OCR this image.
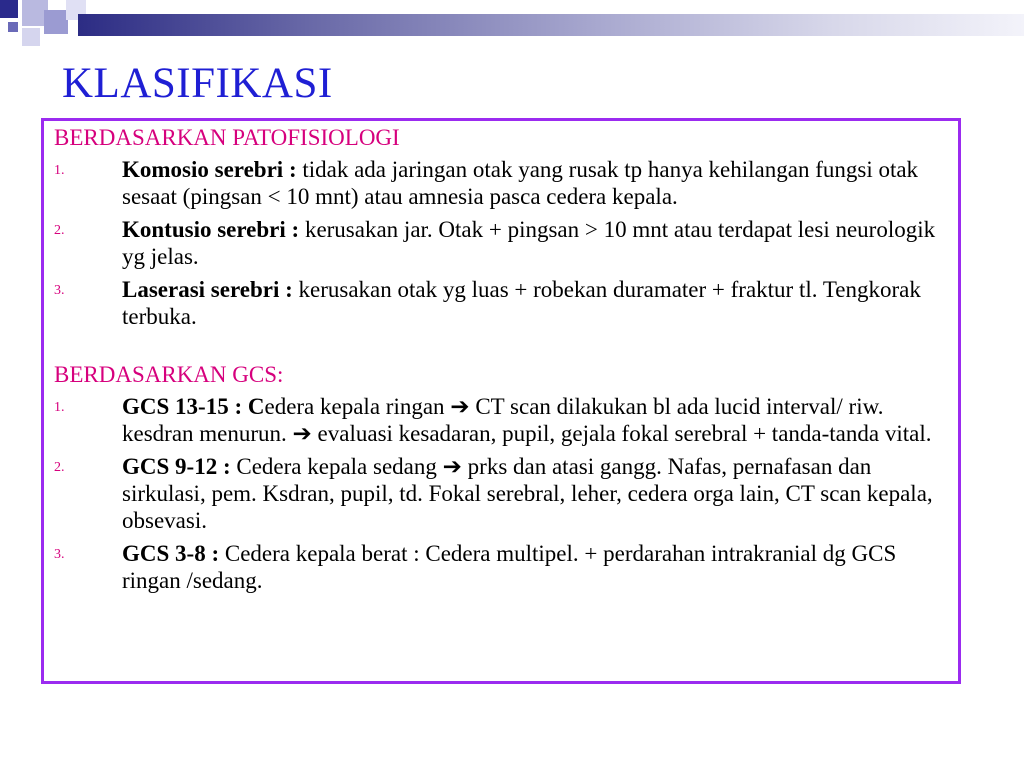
KLASIFIKASI
BERDASARKAN PATOFISIOLOGI
1.	Komosio serebri : tidak ada jaringan otak yang rusak tp hanya kehilangan fungsi otak sesaat (pingsan < 10 mnt) atau amnesia pasca cedera kepala.
2.	Kontusio serebri : kerusakan jar. Otak + pingsan > 10 mnt atau terdapat lesi neurologik yg jelas.
3.	Laserasi serebri : kerusakan otak yg luas + robekan duramater + fraktur tl. Tengkorak terbuka.
BERDASARKAN GCS:
1.	GCS 13-15 : Cedera kepala ringan ➔ CT scan dilakukan bl ada lucid interval/ riw. kesdran menurun. ➔ evaluasi kesadaran, pupil, gejala fokal serebral + tanda-tanda vital.
2.	GCS 9-12 : Cedera kepala sedang ➔ prks dan atasi gangg. Nafas, pernafasan dan sirkulasi, pem. Ksdran, pupil, td. Fokal serebral, leher, cedera orga lain, CT scan kepala, obsevasi.
3.	GCS 3-8 : Cedera kepala berat : Cedera multipel. + perdarahan intrakranial dg GCS ringan /sedang.
